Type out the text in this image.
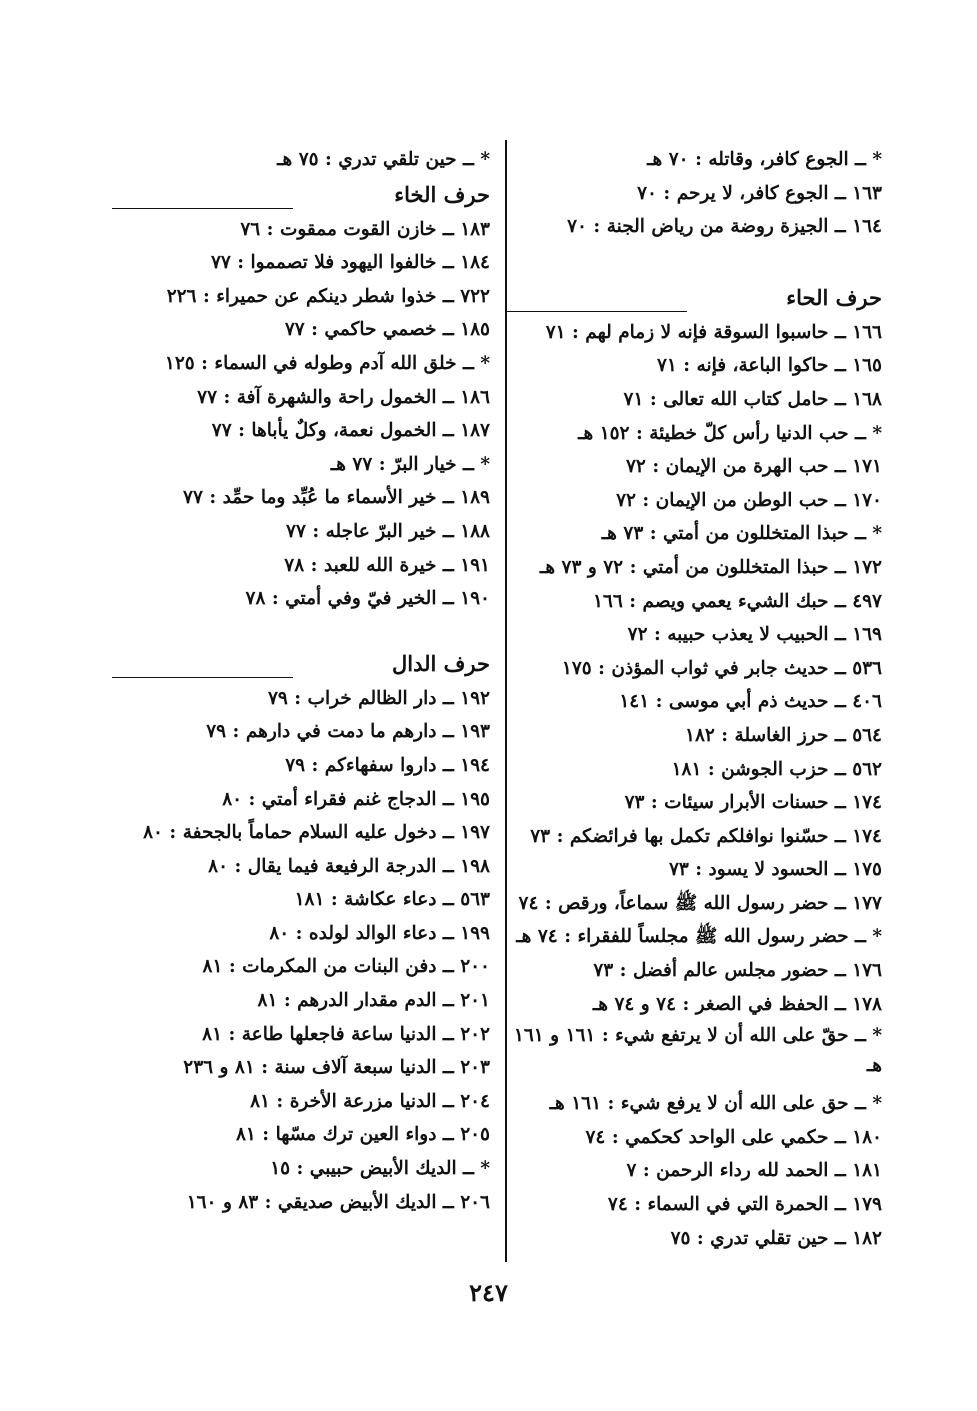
* ــ الجوع كافر، وقاتله : ٧٠ هـ
١٦٣ ــ الجوع كافر، لا يرحم : ٧٠
١٦٤ ــ الجيزة روضة من رياض الجنة : ٧٠
حرف الحاء
١٦٦ ــ حاسبوا السوقة فإنه لا زمام لهم : ٧١
١٦٥ ــ حاكوا الباعة، فإنه : ٧١
١٦٨ ــ حامل كتاب الله تعالى : ٧١
* ــ حب الدنيا رأس كلّ خطيئة : ١٥٢ هـ
١٧١ ــ حب الهرة من الإيمان : ٧٢
١٧٠ ــ حب الوطن من الإيمان : ٧٢
* ــ حبذا المتخللون من أمتي : ٧٣ هـ
١٧٢ ــ حبذا المتخللون من أمتي : ٧٢ و ٧٣ هـ
٤٩٧ ــ حبك الشيء يعمي ويصم : ١٦٦
١٦٩ ــ الحبيب لا يعذب حبيبه : ٧٢
٥٣٦ ــ حديث جابر في ثواب المؤذن : ١٧٥
٤٠٦ ــ حديث ذم أبي موسى : ١٤١
٥٦٤ ــ حرز الغاسلة : ١٨٢
٥٦٢ ــ حزب الجوشن : ١٨١
١٧٤ ــ حسنات الأبرار سيئات : ٧٣
١٧٤ ــ حسّنوا نوافلكم تكمل بها فرائضكم : ٧٣
١٧٥ ــ الحسود لا يسود : ٧٣
١٧٧ ــ حضر رسول الله ﷺ سماعاً، ورقص : ٧٤
* ــ حضر رسول الله ﷺ مجلساً للفقراء : ٧٤ هـ
١٧٦ ــ حضور مجلس عالم أفضل : ٧٣
١٧٨ ــ الحفظ في الصغر : ٧٤ و ٧٤ هـ
* ــ حقّ على الله أن لا يرتفع شيء : ١٦١ و ١٦١ هـ
* ــ حق على الله أن لا يرفع شيء : ١٦١ هـ
١٨٠ ــ حكمي على الواحد كحكمي : ٧٤
١٨١ ــ الحمد لله رداء الرحمن : ٧
١٧٩ ــ الحمرة التي في السماء : ٧٤
١٨٢ ــ حين تقلي تدري : ٧٥
* ــ حين تلقي تدري : ٧٥ هـ
حرف الخاء
١٨٣ ــ خازن القوت ممقوت : ٧٦
١٨٤ ــ خالفوا اليهود فلا تصمموا : ٧٧
٧٢٢ ــ خذوا شطر دينكم عن حميراء : ٢٢٦
١٨٥ ــ خصمي حاكمي : ٧٧
* ــ خلق الله آدم وطوله في السماء : ١٢٥
١٨٦ ــ الخمول راحة والشهرة آفة : ٧٧
١٨٧ ــ الخمول نعمة، وكلٌ يأباها : ٧٧
* ــ خيار البرّ : ٧٧ هـ
١٨٩ ــ خير الأسماء ما عُبِّد وما حمِّد : ٧٧
١٨٨ ــ خير البرّ عاجله : ٧٧
١٩١ ــ خيرة الله للعبد : ٧٨
١٩٠ ــ الخير فيّ وفي أمتي : ٧٨
حرف الدال
١٩٢ ــ دار الظالم خراب : ٧٩
١٩٣ ــ دارهم ما دمت في دارهم : ٧٩
١٩٤ ــ داروا سفهاءكم : ٧٩
١٩٥ ــ الدجاج غنم فقراء أمتي : ٨٠
١٩٧ ــ دخول عليه السلام حماماً بالجحفة : ٨٠
١٩٨ ــ الدرجة الرفيعة فيما يقال : ٨٠
٥٦٣ ــ دعاء عكاشة : ١٨١
١٩٩ ــ دعاء الوالد لولده : ٨٠
٢٠٠ ــ دفن البنات من المكرمات : ٨١
٢٠١ ــ الدم مقدار الدرهم : ٨١
٢٠٢ ــ الدنيا ساعة فاجعلها طاعة : ٨١
٢٠٣ ــ الدنيا سبعة آلاف سنة : ٨١ و ٢٣٦
٢٠٤ ــ الدنيا مزرعة الأخرة : ٨١
٢٠٥ ــ دواء العين ترك مسّها : ٨١
* ــ الديك الأبيض حبيبي : ١٥
٢٠٦ ــ الديك الأبيض صديقي : ٨٣ و ١٦٠
٢٤٧
